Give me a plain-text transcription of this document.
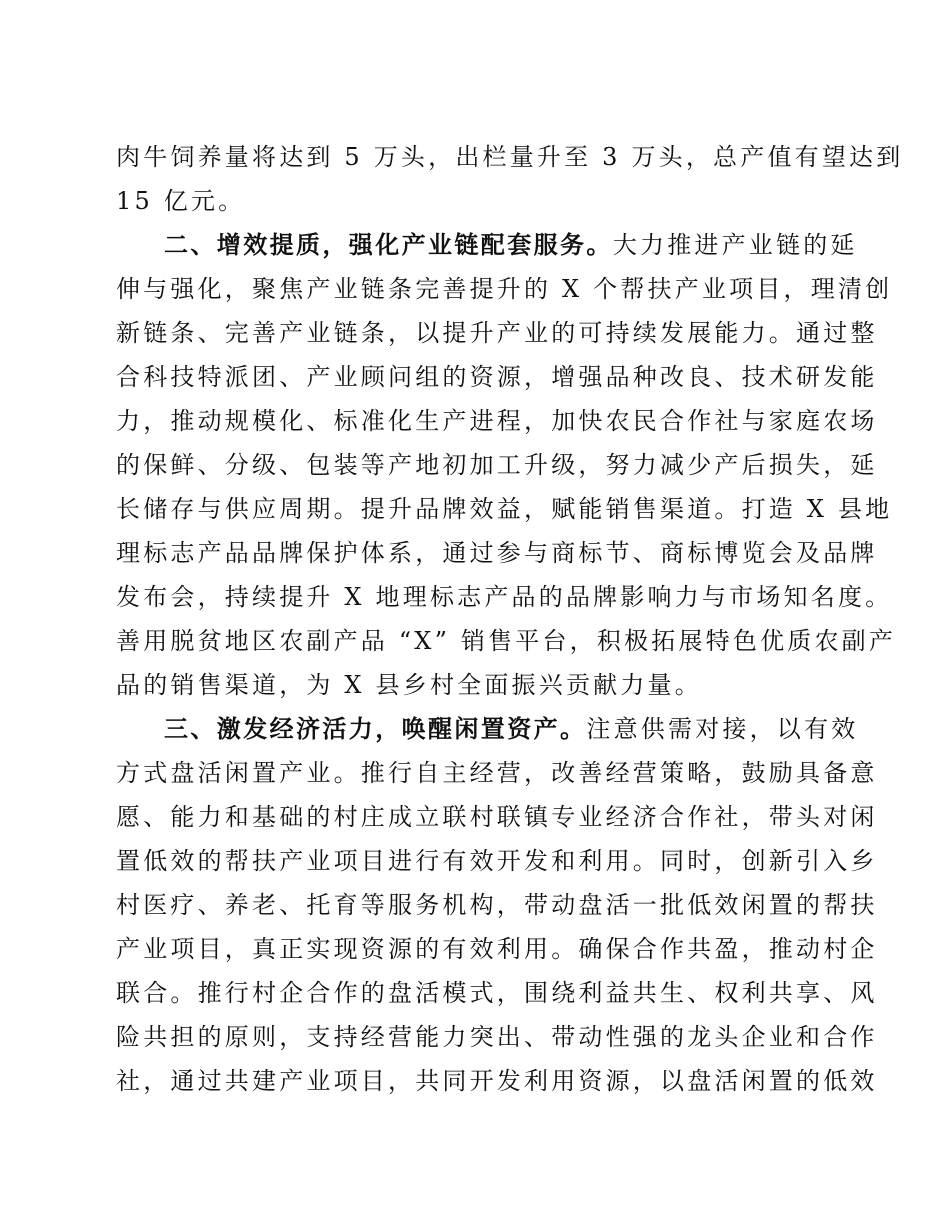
肉牛饲养量将达到 5 万头，出栏量升至 3 万头，总产值有望达到
15 亿元。
二、增效提质，强化产业链配套服务。大力推进产业链的延
伸与强化，聚焦产业链条完善提升的 X 个帮扶产业项目，理清创
新链条、完善产业链条，以提升产业的可持续发展能力。通过整
合科技特派团、产业顾问组的资源，增强品种改良、技术研发能
力，推动规模化、标准化生产进程，加快农民合作社与家庭农场
的保鲜、分级、包装等产地初加工升级，努力减少产后损失，延
长储存与供应周期。提升品牌效益，赋能销售渠道。打造 X 县地
理标志产品品牌保护体系，通过参与商标节、商标博览会及品牌
发布会，持续提升 X 地理标志产品的品牌影响力与市场知名度。
善用脱贫地区农副产品 “X” 销售平台，积极拓展特色优质农副产
品的销售渠道，为 X 县乡村全面振兴贡献力量。
三、激发经济活力，唤醒闲置资产。注意供需对接，以有效
方式盘活闲置产业。推行自主经营，改善经营策略，鼓励具备意
愿、能力和基础的村庄成立联村联镇专业经济合作社，带头对闲
置低效的帮扶产业项目进行有效开发和利用。同时，创新引入乡
村医疗、养老、托育等服务机构，带动盘活一批低效闲置的帮扶
产业项目，真正实现资源的有效利用。确保合作共盈，推动村企
联合。推行村企合作的盘活模式，围绕利益共生、权利共享、风
险共担的原则，支持经营能力突出、带动性强的龙头企业和合作
社，通过共建产业项目，共同开发利用资源，以盘活闲置的低效
